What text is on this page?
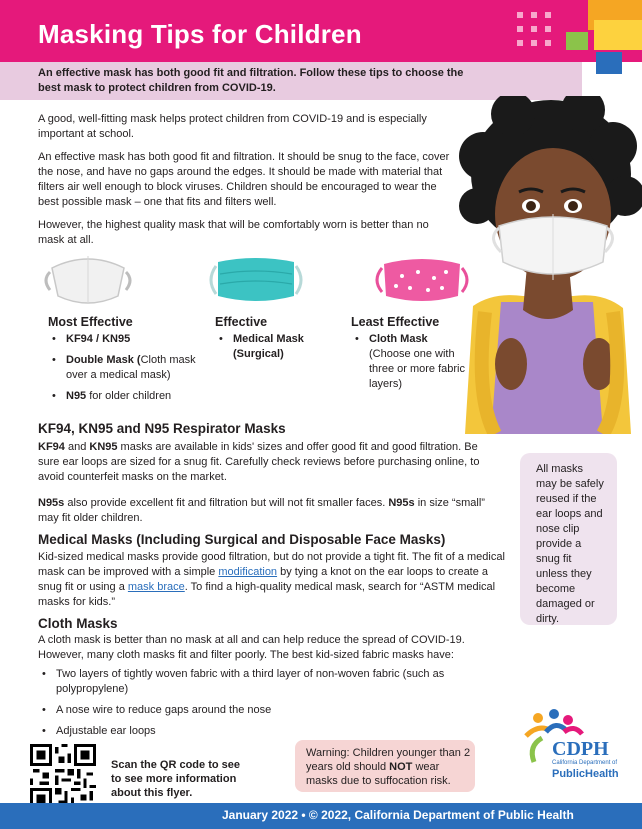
Masking Tips for Children
An effective mask has both good fit and filtration. Follow these tips to choose the best mask to protect children from COVID-19.
A good, well-fitting mask helps protect children from COVID-19 and is especially important at school.
An effective mask has both good fit and filtration. It should be snug to the face, cover the nose, and have no gaps around the edges. It should be made with material that filters air well enough to block viruses. Children should be encouraged to wear the best possible mask – one that fits and filters well.
However, the highest quality mask that will be comfortably worn is better than no mask at all.
Most Effective
• KF94 / KN95
• Double Mask (Cloth mask over a medical mask)
• N95 for older children
Effective
• Medical Mask (Surgical)
Least Effective
• Cloth Mask
(Choose one with three or more fabric layers)
KF94, KN95 and N95 Respirator Masks
KF94 and KN95 masks are available in kids' sizes and offer good fit and good filtration. Be sure ear loops are sized for a snug fit. Carefully check reviews before purchasing online, to avoid counterfeit masks on the market.
N95s also provide excellent fit and filtration but will not fit smaller faces. N95s in size “small” may fit older children.
Medical Masks (Including Surgical and Disposable Face Masks)
Kid-sized medical masks provide good filtration, but do not provide a tight fit. The fit of a medical mask can be improved with a simple modification by tying a knot on the ear loops to create a snug fit or using a mask brace. To find a high-quality medical mask, search for “ASTM medical masks for kids.”
Cloth Masks
A cloth mask is better than no mask at all and can help reduce the spread of COVID-19. However, many cloth masks fit and filter poorly. The best kid-sized fabric masks have:
• Two layers of tightly woven fabric with a third layer of non-woven fabric (such as polypropylene)
• A nose wire to reduce gaps around the nose
• Adjustable ear loops
All masks may be safely reused if the ear loops and nose clip provide a snug fit unless they become damaged or dirty.
Warning: Children younger than 2 years old should NOT wear masks due to suffocation risk.
Scan the QR code to see to see more information about this flyer.
CDPH
California Department of
PublicHealth
January 2022 • © 2022, California Department of Public Health
